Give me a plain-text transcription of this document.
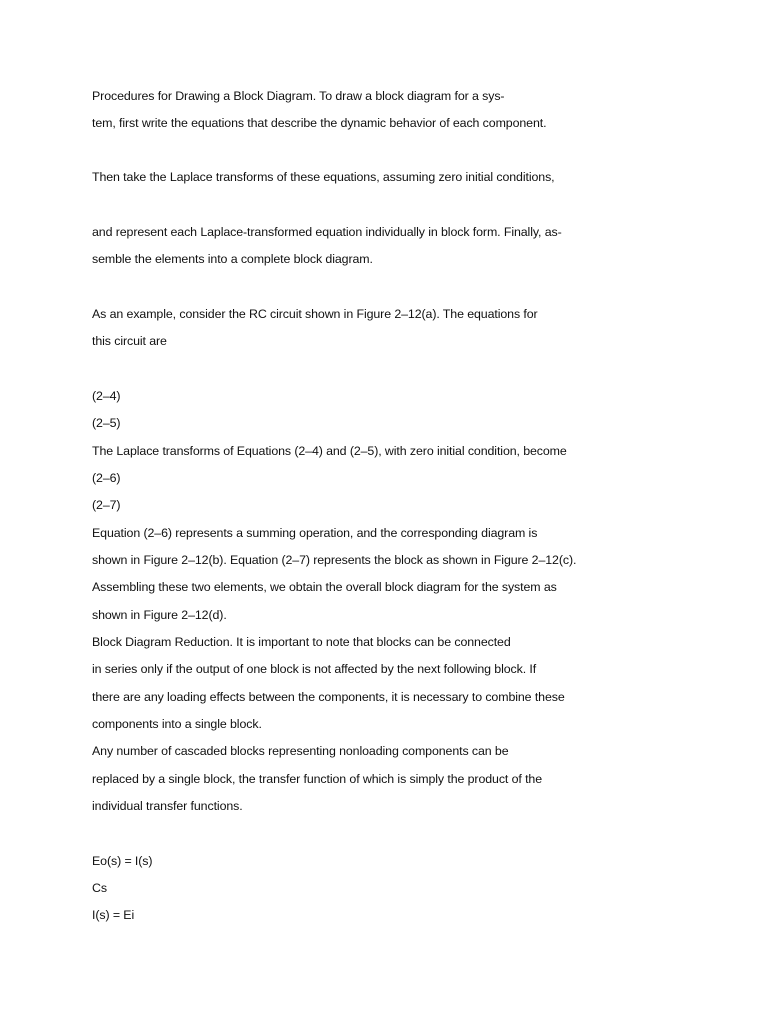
Procedures for Drawing a Block Diagram. To draw a block diagram for a sys-
tem, first write the equations that describe the dynamic behavior of each component.
Then take the Laplace transforms of these equations, assuming zero initial conditions,
and represent each Laplace-transformed equation individually in block form. Finally, as-
semble the elements into a complete block diagram.
As an example, consider the RC circuit shown in Figure 2–12(a). The equations for
this circuit are
(2–4)
(2–5)
The Laplace transforms of Equations (2–4) and (2–5), with zero initial condition, become
(2–6)
(2–7)
Equation (2–6) represents a summing operation, and the corresponding diagram is
shown in Figure 2–12(b). Equation (2–7) represents the block as shown in Figure 2–12(c).
Assembling these two elements, we obtain the overall block diagram for the system as
shown in Figure 2–12(d).
Block Diagram Reduction. It is important to note that blocks can be connected
in series only if the output of one block is not affected by the next following block. If
there are any loading effects between the components, it is necessary to combine these
components into a single block.
Any number of cascaded blocks representing nonloading components can be
replaced by a single block, the transfer function of which is simply the product of the
individual transfer functions.
Eo(s) = I(s)
Cs
I(s) = Ei
